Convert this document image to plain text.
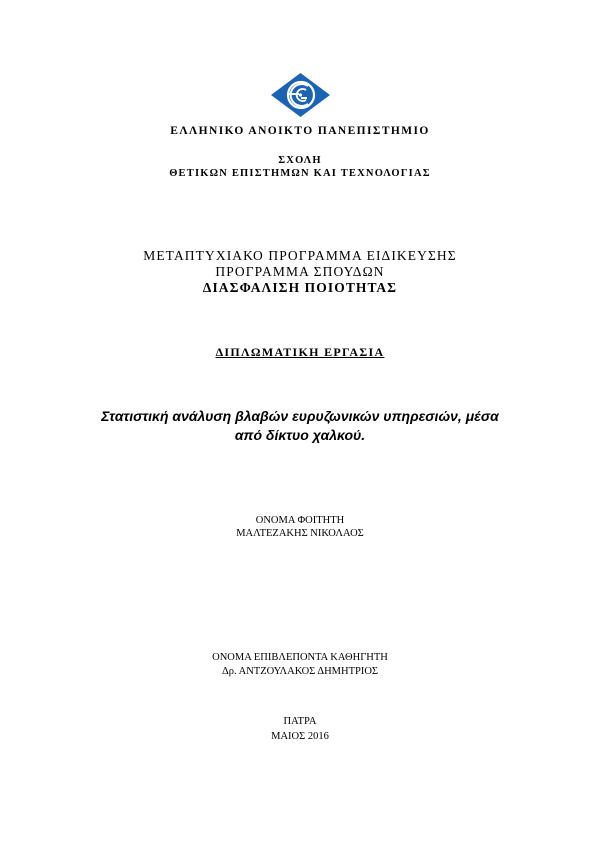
ΕΛΛΗΝΙΚΟ ΑΝΟΙΚΤΟ ΠΑΝΕΠΙΣΤΗΜΙΟ
ΣΧΟΛΗ
ΘΕΤΙΚΩΝ ΕΠΙΣΤΗΜΩΝ ΚΑΙ ΤΕΧΝΟΛΟΓΙΑΣ
ΜΕΤΑΠΤΥΧΙΑΚΟ ΠΡΟΓΡΑΜΜΑ ΕΙΔΙΚΕΥΣΗΣ
ΠΡΟΓΡΑΜΜΑ ΣΠΟΥΔΩΝ
ΔΙΑΣΦΑΛΙΣΗ ΠΟΙΟΤΗΤΑΣ
ΔΙΠΛΩΜΑΤΙΚΗ ΕΡΓΑΣΙΑ
Στατιστική ανάλυση βλαβών ευρυζωνικών υπηρεσιών, μέσα
από δίκτυο χαλκού.
ΟΝΟΜΑ ΦΟΙΤΗΤΗ
ΜΑΛΤΕΖΑΚΗΣ ΝΙΚΟΛΑΟΣ
ΟΝΟΜΑ ΕΠΙΒΛΕΠΟΝΤΑ ΚΑΘΗΓΗΤΗ
Δρ. ΑΝΤΖΟΥΛΑΚΟΣ ΔΗΜΗΤΡΙΟΣ
ΠΑΤΡΑ
ΜΑΙΟΣ 2016
